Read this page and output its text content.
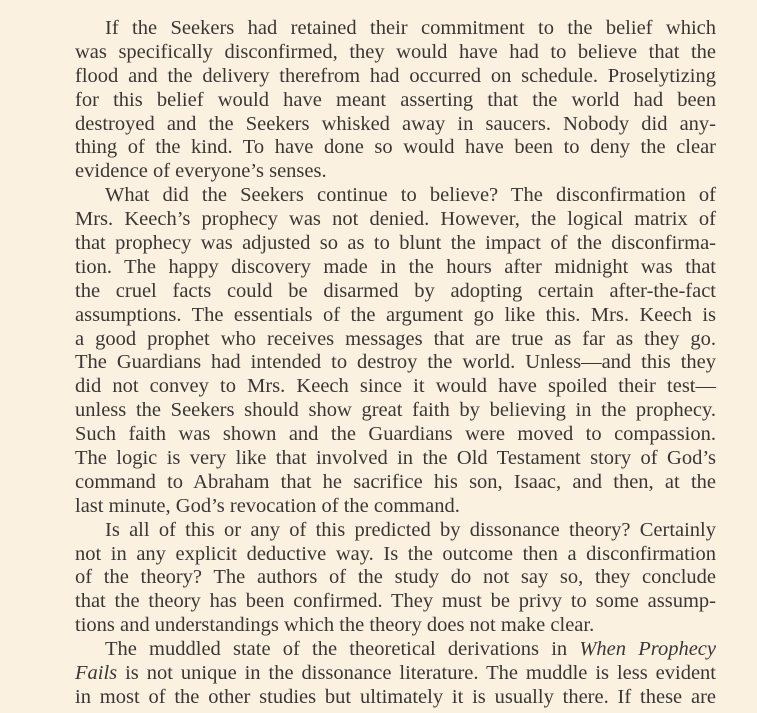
If the Seekers had retained their commitment to the belief which
was specifically disconfirmed, they would have had to believe that the
flood and the delivery therefrom had occurred on schedule. Proselytizing
for this belief would have meant asserting that the world had been
destroyed and the Seekers whisked away in saucers. Nobody did any-
thing of the kind. To have done so would have been to deny the clear
evidence of everyone’s senses.
What did the Seekers continue to believe? The disconfirmation of
Mrs. Keech’s prophecy was not denied. However, the logical matrix of
that prophecy was adjusted so as to blunt the impact of the disconfirma-
tion. The happy discovery made in the hours after midnight was that
the cruel facts could be disarmed by adopting certain after-the-fact
assumptions. The essentials of the argument go like this. Mrs. Keech is
a good prophet who receives messages that are true as far as they go.
The Guardians had intended to destroy the world. Unless—and this they
did not convey to Mrs. Keech since it would have spoiled their test—
unless the Seekers should show great faith by believing in the prophecy.
Such faith was shown and the Guardians were moved to compassion.
The logic is very like that involved in the Old Testament story of God’s
command to Abraham that he sacrifice his son, Isaac, and then, at the
last minute, God’s revocation of the command.
Is all of this or any of this predicted by dissonance theory? Certainly
not in any explicit deductive way. Is the outcome then a disconfirmation
of the theory? The authors of the study do not say so, they conclude
that the theory has been confirmed. They must be privy to some assump-
tions and understandings which the theory does not make clear.
The muddled state of the theoretical derivations in When Prophecy
Fails is not unique in the dissonance literature. The muddle is less evident
in most of the other studies but ultimately it is usually there. If these are
